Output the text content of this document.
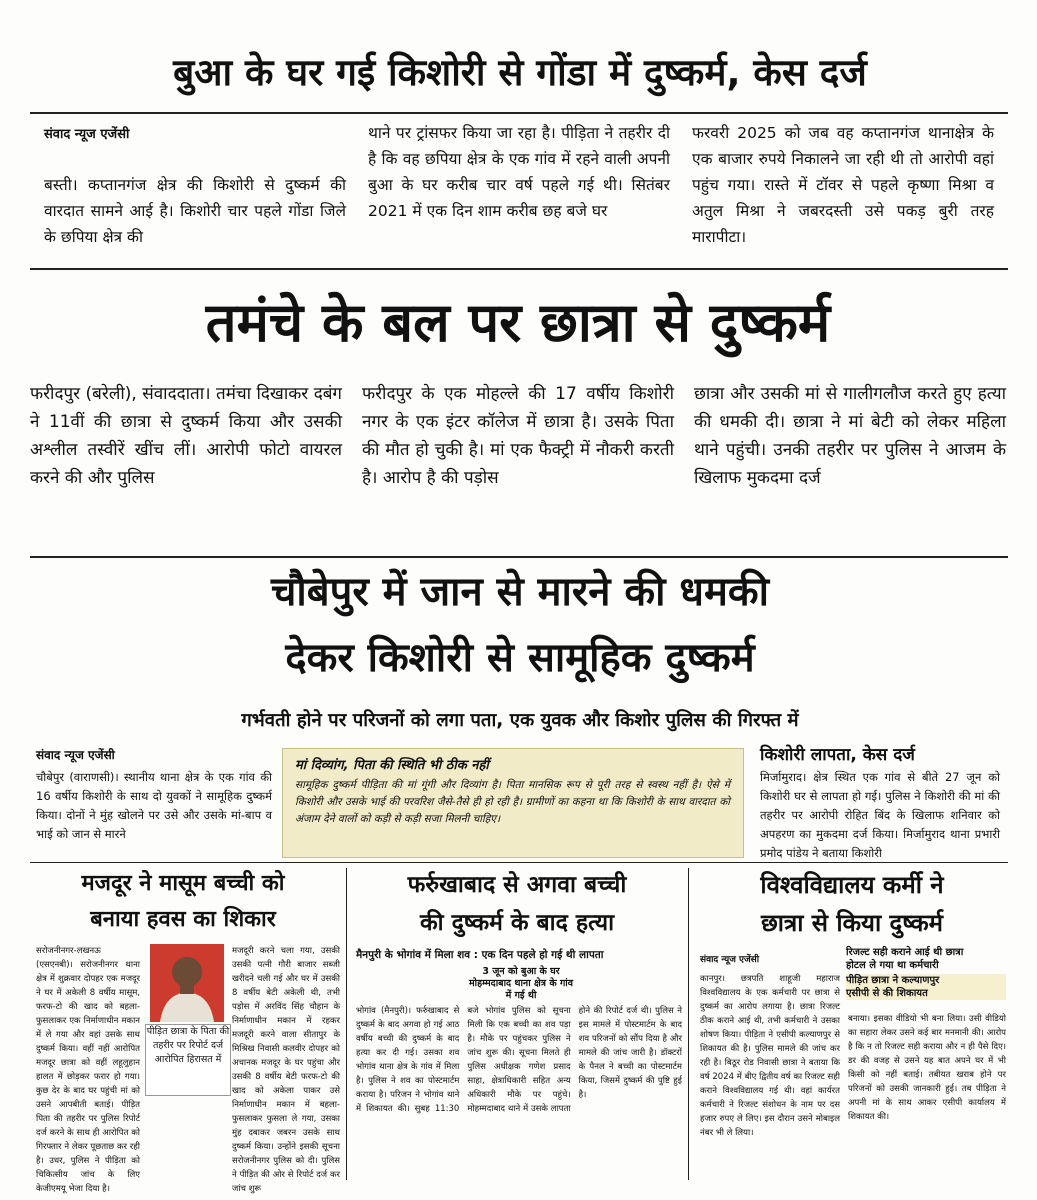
बुआ के घर गई किशोरी से गोंडा में दुष्कर्म, केस दर्ज
संवाद न्यूज एजेंसी
बस्ती। कप्तानगंज क्षेत्र की किशोरी से दुष्कर्म की वारदात सामने आई है। किशोरी चार पहले गोंडा जिले के छपिया क्षेत्र की
थाने पर ट्रांसफर किया जा रहा है। पीड़िता ने तहरीर दी है कि वह छपिया क्षेत्र के एक गांव में रहने वाली अपनी बुआ के घर करीब चार वर्ष पहले गई थी। सितंबर 2021 में एक दिन शाम करीब छह बजे घर
फरवरी 2025 को जब वह कप्तानगंज थानाक्षेत्र के एक बाजार रुपये निकालने जा रही थी तो आरोपी वहां पहुंच गया। रास्ते में टॉवर से पहले कृष्णा मिश्रा व अतुल मिश्रा ने जबरदस्ती उसे पकड़ बुरी तरह मारापीटा।
तमंचे के बल पर छात्रा से दुष्कर्म
फरीदपुर (बरेली), संवाददाता। तमंचा दिखाकर दबंग ने 11वीं की छात्रा से दुष्कर्म किया और उसकी अश्लील तस्वीरें खींच लीं। आरोपी फोटो वायरल करने की और पुलिस
फरीदपुर के एक मोहल्ले की 17 वर्षीय किशोरी नगर के एक इंटर कॉलेज में छात्रा है। उसके पिता की मौत हो चुकी है। मां एक फैक्ट्री में नौकरी करती है। आरोप है की पड़ोस
छात्रा और उसकी मां से गालीगलौज करते हुए हत्या की धमकी दी। छात्रा ने मां बेटी को लेकर महिला थाने पहुंची। उनकी तहरीर पर पुलिस ने आजम के खिलाफ मुकदमा दर्ज
चौबेपुर में जान से मारने की धमकी
देकर किशोरी से सामूहिक दुष्कर्म
गर्भवती होने पर परिजनों को लगा पता, एक युवक और किशोर पुलिस की गिरफ्त में
संवाद न्यूज एजेंसी
चौबेपुर (वाराणसी)। स्थानीय थाना क्षेत्र के एक गांव की 16 वर्षीय किशोरी के साथ दो युवकों ने सामूहिक दुष्कर्म किया। दोनों ने मुंह खोलने पर उसे और उसके मां-बाप व भाई को जान से मारने
मां दिव्यांग, पिता की स्थिति भी ठीक नहीं
सामूहिक दुष्कर्म पीड़िता की मां गूंगी और दिव्यांग है। पिता मानसिक रूप से पूरी तरह से स्वस्थ नहीं है। ऐसे में किशोरी और उसके भाई की परवरिश जैसे-तैसे ही हो रही है। ग्रामीणों का कहना था कि किशोरी के साथ वारदात को अंजाम देने वालों को कड़ी से कड़ी सजा मिलनी चाहिए।
किशोरी लापता, केस दर्ज
मिर्जामुराद। क्षेत्र स्थित एक गांव से बीते 27 जून को किशोरी घर से लापता हो गई। पुलिस ने किशोरी की मां की तहरीर पर आरोपी रोहित बिंद के खिलाफ शनिवार को अपहरण का मुकदमा दर्ज किया। मिर्जामुराद थाना प्रभारी प्रमोद पांडेय ने बताया किशोरी
मजदूर ने मासूम बच्ची को
बनाया हवस का शिकार
सरोजनीनगर-लखनऊ (एसएनबी)। सरोजनीनगर थाना क्षेत्र में शुक्रवार दोपहर एक मजदूर ने घर में अकेली 8 वर्षीय मासूम, फरफ-टो की खाद को बहला-फुसलाकर एक निर्माणाधीन मकान में ले गया और वहां उसके साथ दुष्कर्म किया। वहीं नहीं आरोपित मजदूर छात्रा को वहीं लहूलुहान हालत में छोड़कर फरार हो गया। कुछ देर के बाद घर पहुंची मां को उसने आपबीती बताई। पीड़ित पिता की तहरीर पर पुलिस रिपोर्ट दर्ज करने के साथ ही आरोपित को गिरफ्तार ने लेकर पूछताछ कर रही है। उधर, पुलिस ने पीड़िता को चिकित्सीय जांच के लिए केजीएमयू भेजा दिया है।
पीड़ित छात्रा के पिता की तहरीर पर रिपोर्ट दर्ज आरोपित हिरासत में
मजदूरी करने चला गया, उसकी उसकी पत्नी गौरी बाजार सब्जी खरीदने चली गई और घर में उसकी 8 वर्षीय बेटी अकेली थी, तभी पड़ोस में अरविंद सिंह चौहान के निर्माणाधीन मकान में रहकर मजदूरी करने वाला सीतापुर के मिश्रिख निवासी कलवीर दोपहर को अचानक मजदूर के घर पहुंचा और उसकी 8 वर्षीय बेटी फरफ-टो की खाद को अकेला पाकर उसे निर्माणाधीन मकान में बहला-फुसलाकर फुसला ले गया, उसका मुंह दबाकर जबरन उसके साथ दुष्कर्म किया। उन्होंने इसकी सूचना सरोजनीनगर पुलिस को दी। पुलिस ने पीड़ित की ओर से रिपोर्ट दर्ज कर जांच शुरू
फर्रुखाबाद से अगवा बच्ची
की दुष्कर्म के बाद हत्या
मैनपुरी के भोगांव में मिला शव : एक दिन पहले हो गई थी लापता
3 जून को बुआ के घर मोहम्मदाबाद थाना क्षेत्र के गांव में गई थी
भोगांव (मैनपुरी)। फर्रुखाबाद से दुष्कर्म के बाद अगवा हो गई आठ वर्षीय बच्ची की दुष्कर्म के बाद हत्या कर दी गई। उसका शव भोगांव थाना क्षेत्र के गांव में मिला है। पुलिस ने शव का पोस्टमार्टम कराया है। परिजन ने भोगांव थाने में शिकायत की। सुबह 11:30 बजे भोगांव पुलिस को सूचना मिली कि एक बच्ची का शव पड़ा है। मौके पर पहुंचकर पुलिस ने जांच शुरू की। सूचना मिलते ही पुलिस अधीक्षक गणेश प्रसाद साहा, क्षेत्राधिकारी सहित अन्य अधिकारी मौके पर पहुंचे। मोहम्मदाबाद थाने में उसके लापता होने की रिपोर्ट दर्ज थी। पुलिस ने इस मामले में पोस्टमार्टम के बाद शव परिजनों को सौंप दिया है और मामले की जांच जारी है। डॉक्टरों के पैनल ने बच्ची का पोस्टमार्टम किया, जिसमें दुष्कर्म की पुष्टि हुई है।
विश्वविद्यालय कर्मी ने
छात्रा से किया दुष्कर्म
संवाद न्यूज एजेंसी
रिजल्ट सही कराने आई थी छात्रा
होटल ले गया था कर्मचारी
पीड़ित छात्रा ने कल्याणपुर
एसीपी से की शिकायत
कानपुर। छत्रपति शाहूजी महाराज विश्वविद्यालय के एक कर्मचारी पर छात्रा से दुष्कर्म का आरोप लगाया है। छात्रा रिजल्ट ठीक कराने आई थी, तभी कर्मचारी ने उसका शोषण किया। पीड़िता ने एसीपी कल्याणपुर से शिकायत की है। पुलिस मामले की जांच कर रही है। बिठूर रोड निवासी छात्रा ने बताया कि वर्ष 2024 में बीए द्वितीय वर्ष का रिजल्ट सही कराने विश्वविद्यालय गई थी। वहां कार्यरत कर्मचारी ने रिजल्ट संशोधन के नाम पर दस हजार रुपए ले लिए। इस दौरान उसने मोबाइल नंबर भी ले लिया।
बनाया। इसका वीडियो भी बना लिया। उसी वीडियो का सहारा लेकर उसने कई बार मनमानी की। आरोप है कि न तो रिजल्ट सही कराया और न ही पैसे दिए। डर की वजह से उसने यह बात अपने घर में भी किसी को नहीं बताई। तबीयत खराब होने पर परिजनों को उसकी जानकारी हुई। तब पीड़िता ने अपनी मां के साथ आकर एसीपी कार्यालय में शिकायत की।
